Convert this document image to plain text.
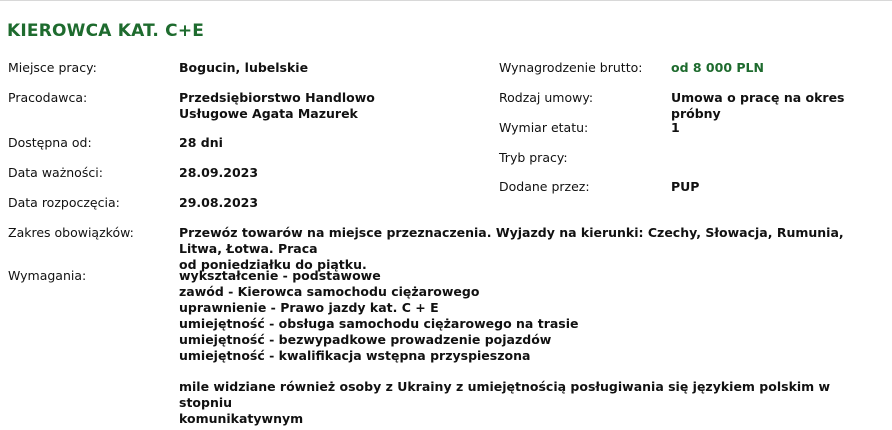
KIEROWCA KAT. C+E
Miejsce pracy:	Bogucin, lubelskie
Pracodawca:	Przedsiębiorstwo Handlowo
Usługowe Agata Mazurek
Dostępna od:	28 dni
Data ważności:	28.09.2023
Data rozpoczęcia:	29.08.2023
Wynagrodzenie brutto: od 8 000 PLN
Rodzaj umowy:	Umowa o pracę na okres próbny
Wymiar etatu:	1
Tryb pracy:
Dodane przez:	PUP
Zakres obowiązków:	Przewóz towarów na miejsce przeznaczenia. Wyjazdy na kierunki: Czechy, Słowacja, Rumunia, Litwa, Łotwa. Praca
od poniedziałku do piątku.
Wymagania:	wykształcenie - podstawowe
zawód - Kierowca samochodu ciężarowego
uprawnienie - Prawo jazdy kat. C + E
umiejętność - obsługa samochodu ciężarowego na trasie
umiejętność - bezwypadkowe prowadzenie pojazdów
umiejętność - kwalifikacja wstępna przyspieszona
mile widziane również osoby z Ukrainy z umiejętnością posługiwania się językiem polskim w stopniu
komunikatywnym
